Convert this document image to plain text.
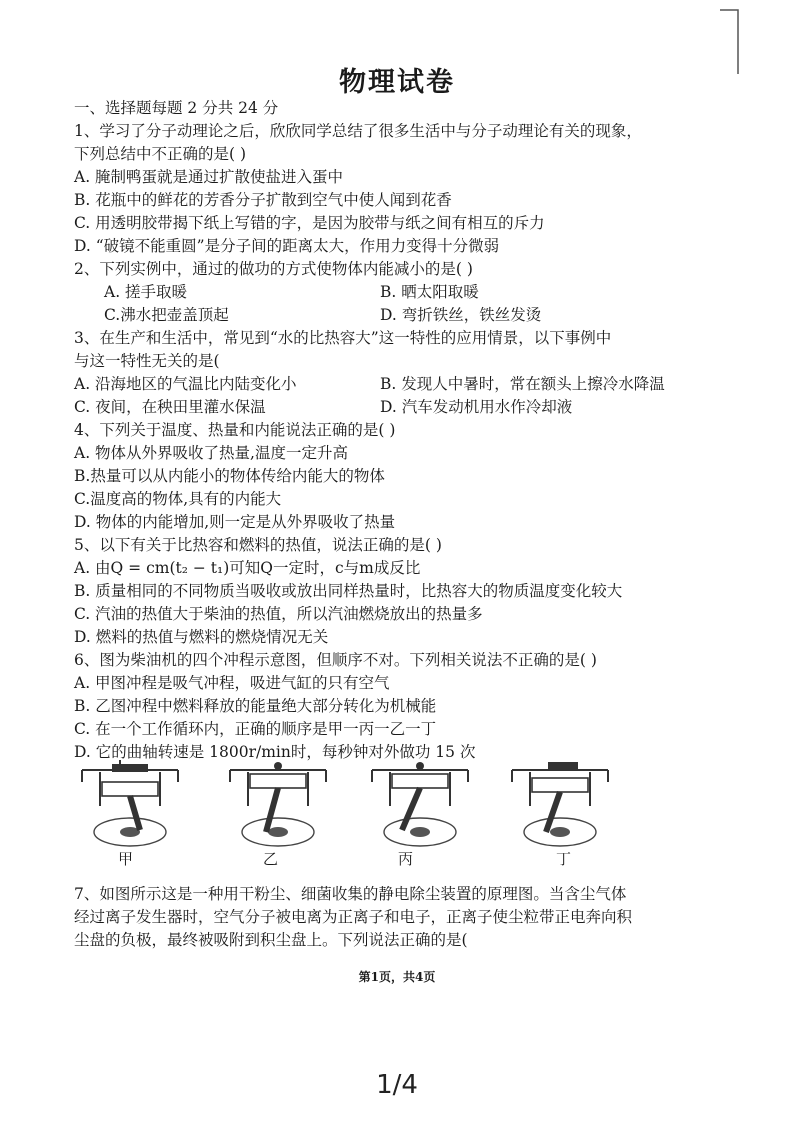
物理试卷
一、选择题每题 2 分共 24 分
1、学习了分子动理论之后，欣欣同学总结了很多生活中与分子动理论有关的现象，
下列总结中不正确的是( )
A. 腌制鸭蛋就是通过扩散使盐进入蛋中
B. 花瓶中的鲜花的芳香分子扩散到空气中使人闻到花香
C. 用透明胶带揭下纸上写错的字，是因为胶带与纸之间有相互的斥力
D. “破镜不能重圆”是分子间的距离太大，作用力变得十分微弱
2、下列实例中，通过的做功的方式使物体内能减小的是( )
A. 搓手取暖	B. 晒太阳取暖
C.沸水把壶盖顶起	D. 弯折铁丝，铁丝发烫
3、在生产和生活中，常见到“水的比热容大”这一特性的应用情景，以下事例中
与这一特性无关的是(
A. 沿海地区的气温比内陆变化小	B. 发现人中暑时，常在额头上擦冷水降温
C. 夜间，在秧田里灌水保温	D. 汽车发动机用水作冷却液
4、下列关于温度、热量和内能说法正确的是( )
A. 物体从外界吸收了热量,温度一定升高
B.热量可以从内能小的物体传给内能大的物体
C.温度高的物体,具有的内能大
D. 物体的内能增加,则一定是从外界吸收了热量
5、以下有关于比热容和燃料的热值，说法正确的是( )
A. 由Q = cm(t₂ − t₁)可知Q一定时，c与m成反比
B. 质量相同的不同物质当吸收或放出同样热量时，比热容大的物质温度变化较大
C. 汽油的热值大于柴油的热值，所以汽油燃烧放出的热量多
D. 燃料的热值与燃料的燃烧情况无关
6、图为柴油机的四个冲程示意图，但顺序不对。下列相关说法不正确的是( )
A. 甲图冲程是吸气冲程，吸进气缸的只有空气
B. 乙图冲程中燃料释放的能量绝大部分转化为机械能
C. 在一个工作循环内，正确的顺序是甲一丙一乙一丁
D. 它的曲轴转速是 1800r/min时，每秒钟对外做功 15 次
甲	乙	丙	丁
7、如图所示这是一种用干粉尘、细菌收集的静电除尘装置的原理图。当含尘气体
经过离子发生器时，空气分子被电离为正离子和电子，正离子使尘粒带正电奔向积
尘盘的负极，最终被吸附到积尘盘上。下列说法正确的是(
第1页，共4页
1/4
